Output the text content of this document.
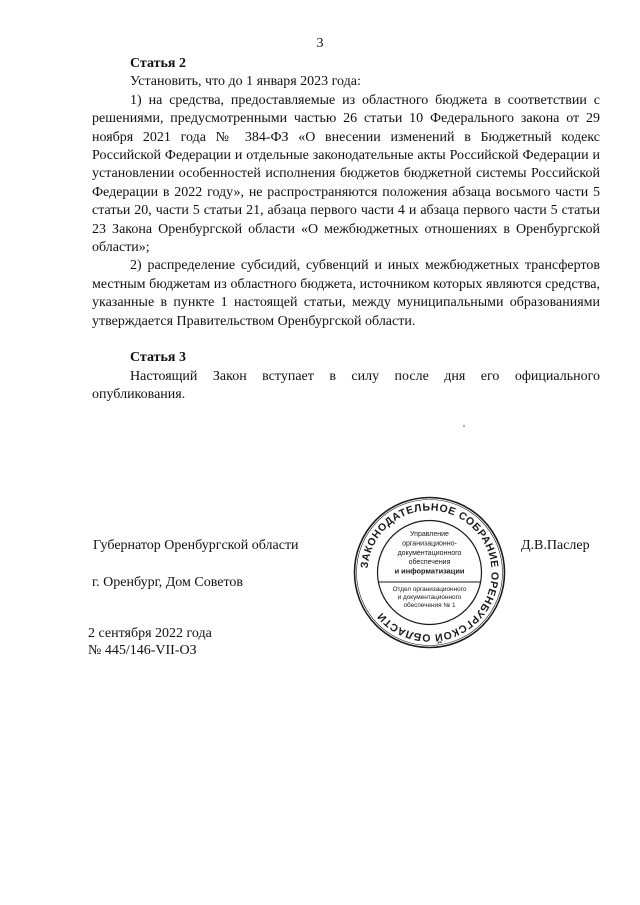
3

Статья 2

Установить, что до 1 января 2023 года:

1) на средства, предоставляемые из областного бюджета в соответствии с решениями, предусмотренными частью 26 статьи 10 Федерального закона от 29 ноября 2021 года № 384-ФЗ «О внесении изменений в Бюджетный кодекс Российской Федерации и отдельные законодательные акты Российской Федерации и установлении особенностей исполнения бюджетов бюджетной системы Российской Федерации в 2022 году», не распространяются положения абзаца восьмого части 5 статьи 20, части 5 статьи 21, абзаца первого части 4 и абзаца первого части 5 статьи 23 Закона Оренбургской области «О межбюджетных отношениях в Оренбургской области»;

2) распределение субсидий, субвенций и иных межбюджетных трансфертов местным бюджетам из областного бюджета, источником которых являются средства, указанные в пункте 1 настоящей статьи, между муниципальными образованиями утверждается Правительством Оренбургской области.

Статья 3

Настоящий Закон вступает в силу после дня его официального опубликования.

Губернатор Оренбургской области	Д.В.Паслер
г. Оренбург, Дом Советов
2 сентября 2022 года
№ 445/146-VII-ОЗ
ЗАКОНОДАТЕЛЬНОЕ СОБРАНИЕ ОРЕНБУРГСКОЙ ОБЛАСТИ
Управление
организационно-
документационного
обеспечения
и информатизации
Отдел организационного
и документационного
обеспечения № 1
